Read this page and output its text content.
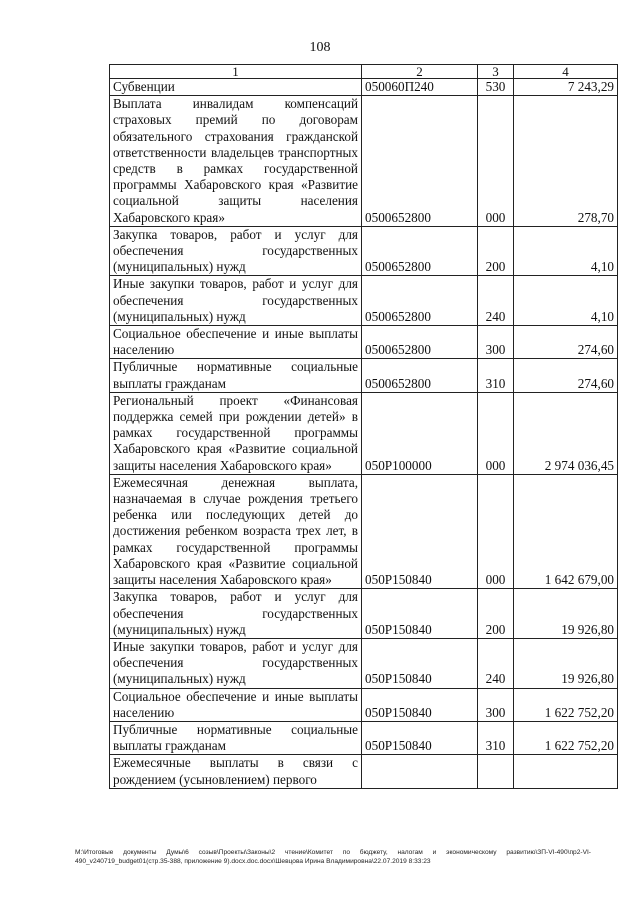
108
1	2	3	4
Субвенции	050060П240	530	7 243,29
Выплата инвалидам компенсаций страховых премий по договорам обязательного страхования гражданской ответственности владельцев транспортных средств в рамках государственной программы Хабаровского края «Развитие социальной защиты населения Хабаровского края»	0500652800	000	278,70
Закупка товаров, работ и услуг для обеспечения государственных (муниципальных) нужд	0500652800	200	4,10
Иные закупки товаров, работ и услуг для обеспечения государственных (муниципальных) нужд	0500652800	240	4,10
Социальное обеспечение и иные выплаты населению	0500652800	300	274,60
Публичные нормативные социальные выплаты гражданам	0500652800	310	274,60
Региональный проект «Финансовая поддержка семей при рождении детей» в рамках государственной программы Хабаровского края «Развитие социальной защиты населения Хабаровского края»	050P100000	000	2 974 036,45
Ежемесячная денежная выплата, назначаемая в случае рождения третьего ребенка или последующих детей до достижения ребенком возраста трех лет, в рамках государственной программы Хабаровского края «Развитие социальной защиты населения Хабаровского края»	050P150840	000	1 642 679,00
Закупка товаров, работ и услуг для обеспечения государственных (муниципальных) нужд	050P150840	200	19 926,80
Иные закупки товаров, работ и услуг для обеспечения государственных (муниципальных) нужд	050P150840	240	19 926,80
Социальное обеспечение и иные выплаты населению	050P150840	300	1 622 752,20
Публичные нормативные социальные выплаты гражданам	050P150840	310	1 622 752,20
Ежемесячные выплаты в связи с рождением (усыновлением) первого			
M:\Итоговые документы Думы\6 созыв\Проекты\Законы\2 чтение\Комитет по бюджету, налогам и экономическому развитию\ЗП-VI-490\пр2-VI-490_v240719_budget01(стр.35-388, приложение 9).docx.doc.docx\Шевцова Ирина Владимировна\22.07.2019 8:33:23
